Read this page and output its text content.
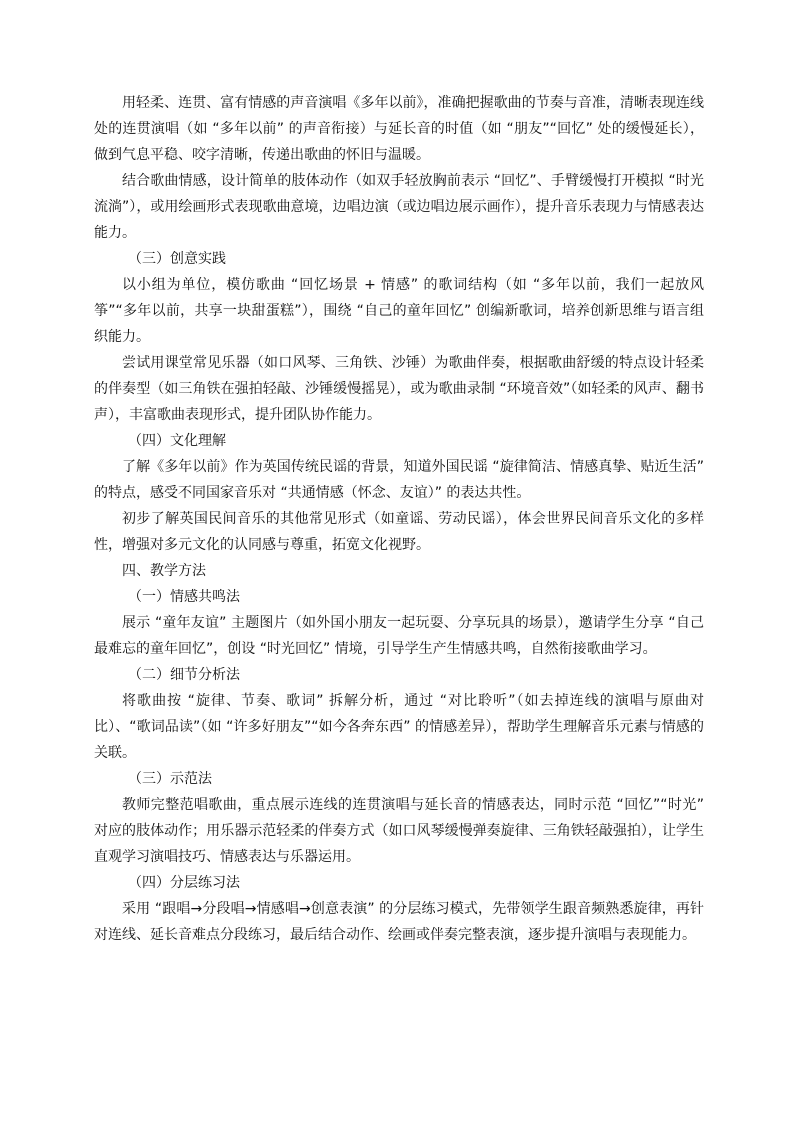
用轻柔、连贯、富有情感的声音演唱《多年以前》，准确把握歌曲的节奏与音准，清晰表现连线处的连贯演唱（如 “多年以前” 的声音衔接）与延长音的时值（如 “朋友”“回忆” 处的缓慢延长），做到气息平稳、咬字清晰，传递出歌曲的怀旧与温暖。

结合歌曲情感，设计简单的肢体动作（如双手轻放胸前表示 “回忆”、手臂缓慢打开模拟 “时光流淌”），或用绘画形式表现歌曲意境，边唱边演（或边唱边展示画作），提升音乐表现力与情感表达能力。

（三）创意实践

以小组为单位，模仿歌曲 “回忆场景 + 情感” 的歌词结构（如 “多年以前，我们一起放风筝”“多年以前，共享一块甜蛋糕”），围绕 “自己的童年回忆” 创编新歌词，培养创新思维与语言组织能力。

尝试用课堂常见乐器（如口风琴、三角铁、沙锤）为歌曲伴奏，根据歌曲舒缓的特点设计轻柔的伴奏型（如三角铁在强拍轻敲、沙锤缓慢摇晃），或为歌曲录制 “环境音效”（如轻柔的风声、翻书声），丰富歌曲表现形式，提升团队协作能力。

（四）文化理解

了解《多年以前》作为英国传统民谣的背景，知道外国民谣 “旋律简洁、情感真挚、贴近生活” 的特点，感受不同国家音乐对 “共通情感（怀念、友谊）” 的表达共性。

初步了解英国民间音乐的其他常见形式（如童谣、劳动民谣），体会世界民间音乐文化的多样性，增强对多元文化的认同感与尊重，拓宽文化视野。

四、教学方法

（一）情感共鸣法

展示 “童年友谊” 主题图片（如外国小朋友一起玩耍、分享玩具的场景），邀请学生分享 “自己最难忘的童年回忆”，创设 “时光回忆” 情境，引导学生产生情感共鸣，自然衔接歌曲学习。

（二）细节分析法

将歌曲按 “旋律、节奏、歌词” 拆解分析，通过 “对比聆听”（如去掉连线的演唱与原曲对比）、“歌词品读”（如 “许多好朋友”“如今各奔东西” 的情感差异），帮助学生理解音乐元素与情感的关联。

（三）示范法

教师完整范唱歌曲，重点展示连线的连贯演唱与延长音的情感表达，同时示范 “回忆”“时光” 对应的肢体动作；用乐器示范轻柔的伴奏方式（如口风琴缓慢弹奏旋律、三角铁轻敲强拍），让学生直观学习演唱技巧、情感表达与乐器运用。

（四）分层练习法

采用 “跟唱→分段唱→情感唱→创意表演” 的分层练习模式，先带领学生跟音频熟悉旋律，再针对连线、延长音难点分段练习，最后结合动作、绘画或伴奏完整表演，逐步提升演唱与表现能力。
